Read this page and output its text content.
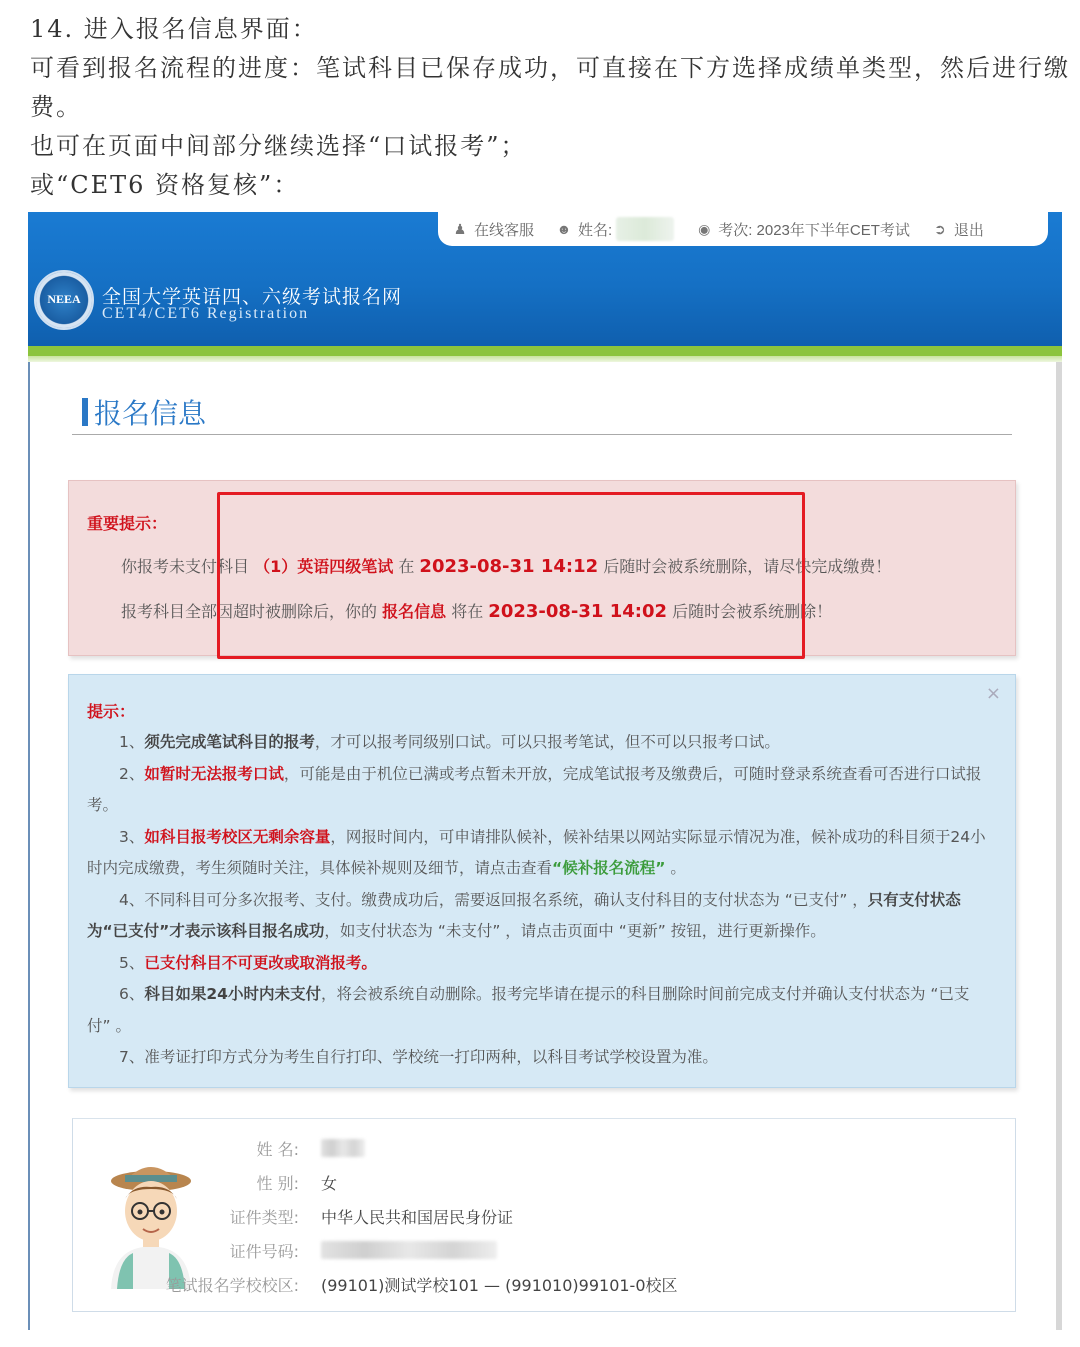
14. 进入报名信息界面：

可看到报名流程的进度：笔试科目已保存成功，可直接在下方选择成绩单类型，然后进行缴

费。

也可在页面中间部分继续选择“口试报考”；

或“CET6 资格复核”：

♟ 在线客服 ☻ 姓名:	◉ 考次: 2023年下半年CET考试 ➲ 退出
NEEA	全国大学英语四、六级考试报名网
CET4/CET6 Registration
报名信息
重要提示：
你报考未支付科目 （1）英语四级笔试 在 2023-08-31 14:12 后随时会被系统删除，请尽快完成缴费！
报考科目全部因超时被删除后，你的 报名信息 将在 2023-08-31 14:02 后随时会被系统删除！
×
提示：
1、须先完成笔试科目的报考，才可以报考同级别口试。可以只报考笔试，但不可以只报考口试。
2、如暂时无法报考口试，可能是由于机位已满或考点暂未开放，完成笔试报考及缴费后，可随时登录系统查看可否进行口试报考。
3、如科目报考校区无剩余容量，网报时间内，可申请排队候补，候补结果以网站实际显示情况为准，候补成功的科目须于24小时内完成缴费，考生须随时关注，具体候补规则及细节，请点击查看“候补报名流程” 。
4、不同科目可分多次报考、支付。缴费成功后，需要返回报名系统，确认支付科目的支付状态为 “已支付” ，只有支付状态为“已支付”才表示该科目报名成功，如支付状态为 “未支付” ，请点击页面中 “更新” 按钮，进行更新操作。
5、已支付科目不可更改或取消报考。
6、科目如果24小时内未支付，将会被系统自动删除。报考完毕请在提示的科目删除时间前完成支付并确认支付状态为 “已支付” 。
7、准考证打印方式分为考生自行打印、学校统一打印两种，以科目考试学校设置为准。
姓 名:
性 别: 女
证件类型: 中华人民共和国居民身份证
证件号码:
笔试报名学校校区: (99101)测试学校101 — (991010)99101-0校区
